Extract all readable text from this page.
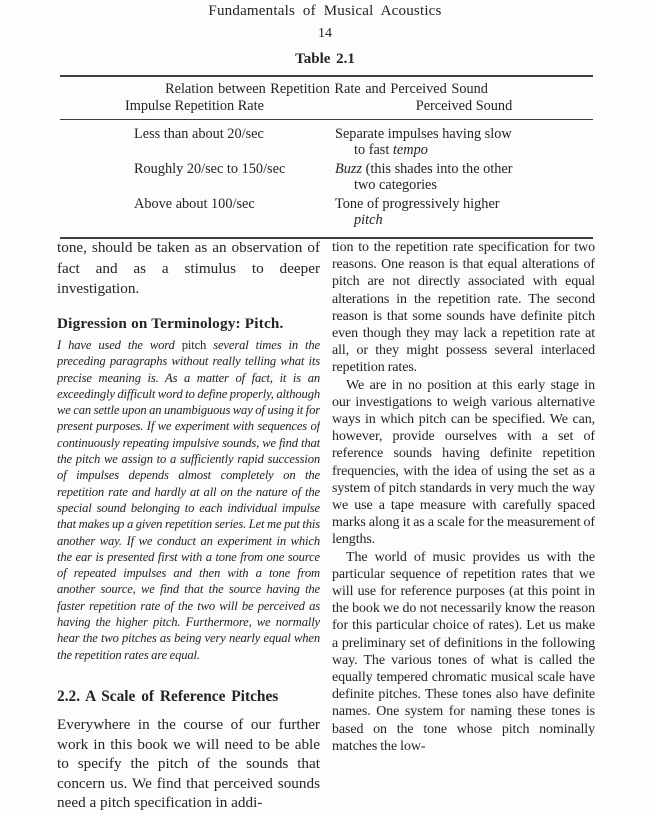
Fundamentals of Musical Acoustics
14
Table 2.1
Relation between Repetition Rate and Perceived Sound
Impulse Repetition Rate	Perceived Sound
Less than about 20/sec	Separate impulses having slow
to fast tempo
Roughly 20/sec to 150/sec	Buzz (this shades into the other
two categories
Above about 100/sec	Tone of progressively higher
pitch
tone, should be taken as an observation of fact and as a stimulus to deeper investigation.
Digression on Terminology: Pitch.
I have used the word pitch several times in the preceding paragraphs without really telling what its precise meaning is. As a matter of fact, it is an exceedingly difficult word to define properly, although we can settle upon an unambiguous way of using it for present purposes. If we experiment with sequences of continuously repeating impulsive sounds, we find that the pitch we assign to a sufficiently rapid succession of impulses depends almost completely on the repetition rate and hardly at all on the nature of the special sound belonging to each individual impulse that makes up a given repetition series. Let me put this another way. If we conduct an experiment in which the ear is presented first with a tone from one source of repeated impulses and then with a tone from another source, we find that the source having the faster repetition rate of the two will be perceived as having the higher pitch. Furthermore, we normally hear the two pitches as being very nearly equal when the repetition rates are equal.
2.2. A Scale of Reference Pitches
Everywhere in the course of our further work in this book we will need to be able to specify the pitch of the sounds that concern us. We find that perceived sounds need a pitch specification in addi-
tion to the repetition rate specification for two reasons. One reason is that equal alterations of pitch are not directly associated with equal alterations in the repetition rate. The second reason is that some sounds have definite pitch even though they may lack a repetition rate at all, or they might possess several interlaced repetition rates.
We are in no position at this early stage in our investigations to weigh various alternative ways in which pitch can be specified. We can, however, provide ourselves with a set of reference sounds having definite repetition frequencies, with the idea of using the set as a system of pitch standards in very much the way we use a tape measure with carefully spaced marks along it as a scale for the measurement of lengths.
The world of music provides us with the particular sequence of repetition rates that we will use for reference purposes (at this point in the book we do not necessarily know the reason for this particular choice of rates). Let us make a preliminary set of definitions in the following way. The various tones of what is called the equally tempered chromatic musical scale have definite pitches. These tones also have definite names. One system for naming these tones is based on the tone whose pitch nominally matches the low-
